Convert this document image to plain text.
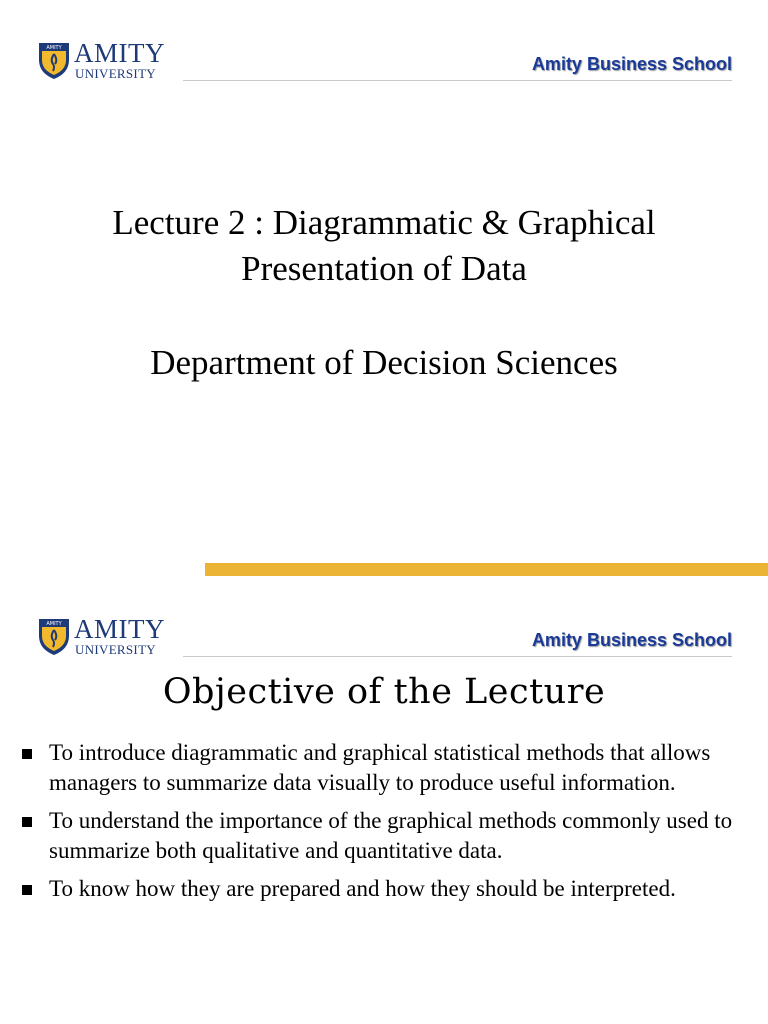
AMITY AMITY
UNIVERSITY	Amity Business School
Lecture 2 : Diagrammatic & Graphical
Presentation of Data
Department of Decision Sciences
AMITY AMITY
UNIVERSITY	Amity Business School
Objective of the Lecture
To introduce diagrammatic and graphical statistical methods that allows managers to summarize data visually to produce useful information.
To understand the importance of the graphical methods commonly used to summarize both qualitative and quantitative data.
To know how they are prepared and how they should be interpreted.
